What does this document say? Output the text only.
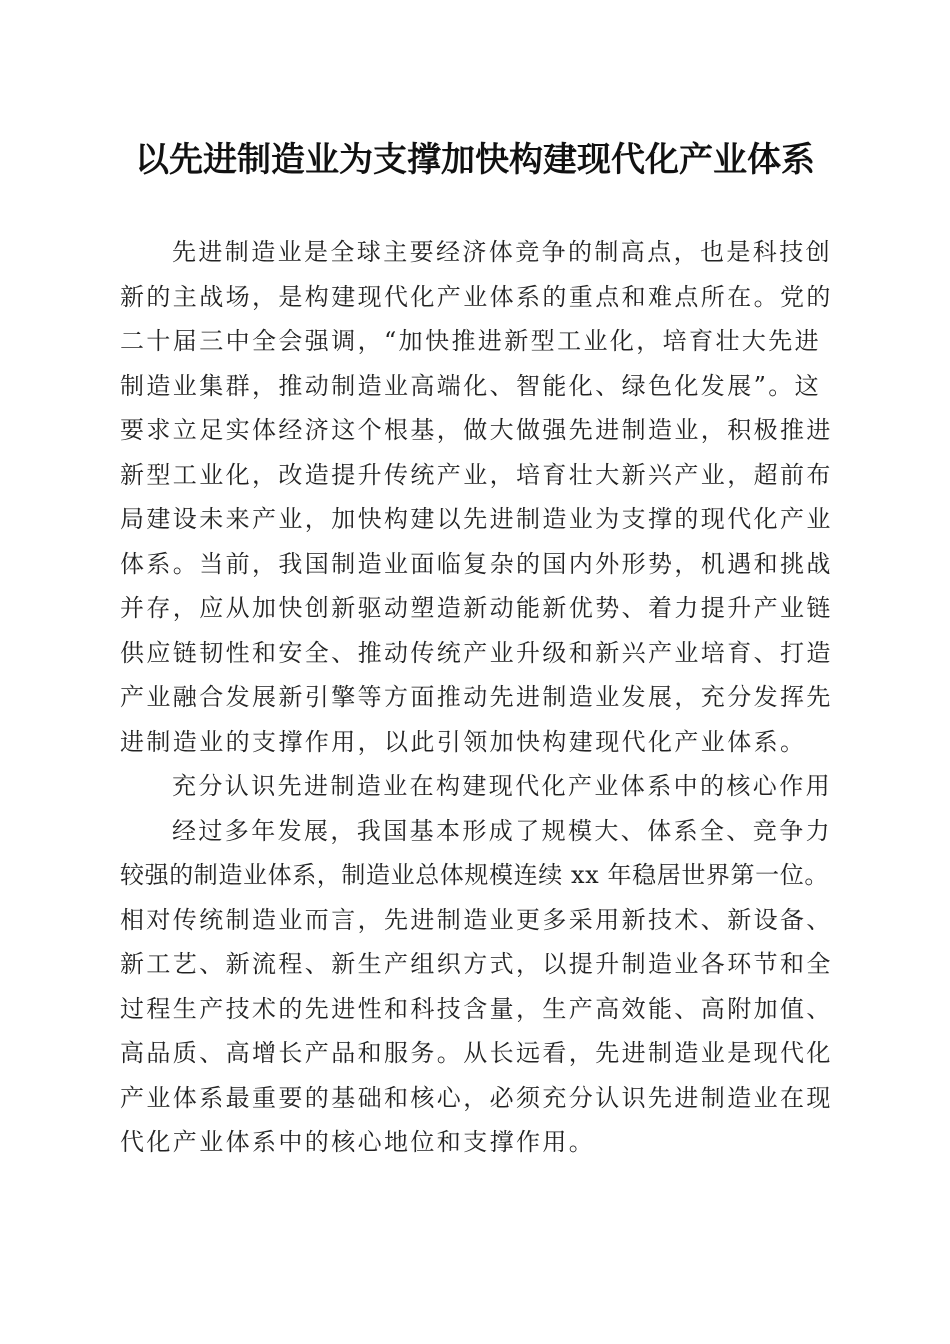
以先进制造业为支撑加快构建现代化产业体系
先进制造业是全球主要经济体竞争的制高点，也是科技创
新的主战场，是构建现代化产业体系的重点和难点所在。党的
二十届三中全会强调，“加快推进新型工业化，培育壮大先进
制造业集群，推动制造业高端化、智能化、绿色化发展”。这
要求立足实体经济这个根基，做大做强先进制造业，积极推进
新型工业化，改造提升传统产业，培育壮大新兴产业，超前布
局建设未来产业，加快构建以先进制造业为支撑的现代化产业
体系。当前，我国制造业面临复杂的国内外形势，机遇和挑战
并存，应从加快创新驱动塑造新动能新优势、着力提升产业链
供应链韧性和安全、推动传统产业升级和新兴产业培育、打造
产业融合发展新引擎等方面推动先进制造业发展，充分发挥先
进制造业的支撑作用，以此引领加快构建现代化产业体系。
充分认识先进制造业在构建现代化产业体系中的核心作用
经过多年发展，我国基本形成了规模大、体系全、竞争力
较强的制造业体系，制造业总体规模连续 xx 年稳居世界第一位。
相对传统制造业而言，先进制造业更多采用新技术、新设备、
新工艺、新流程、新生产组织方式，以提升制造业各环节和全
过程生产技术的先进性和科技含量，生产高效能、高附加值、
高品质、高增长产品和服务。从长远看，先进制造业是现代化
产业体系最重要的基础和核心，必须充分认识先进制造业在现
代化产业体系中的核心地位和支撑作用。
